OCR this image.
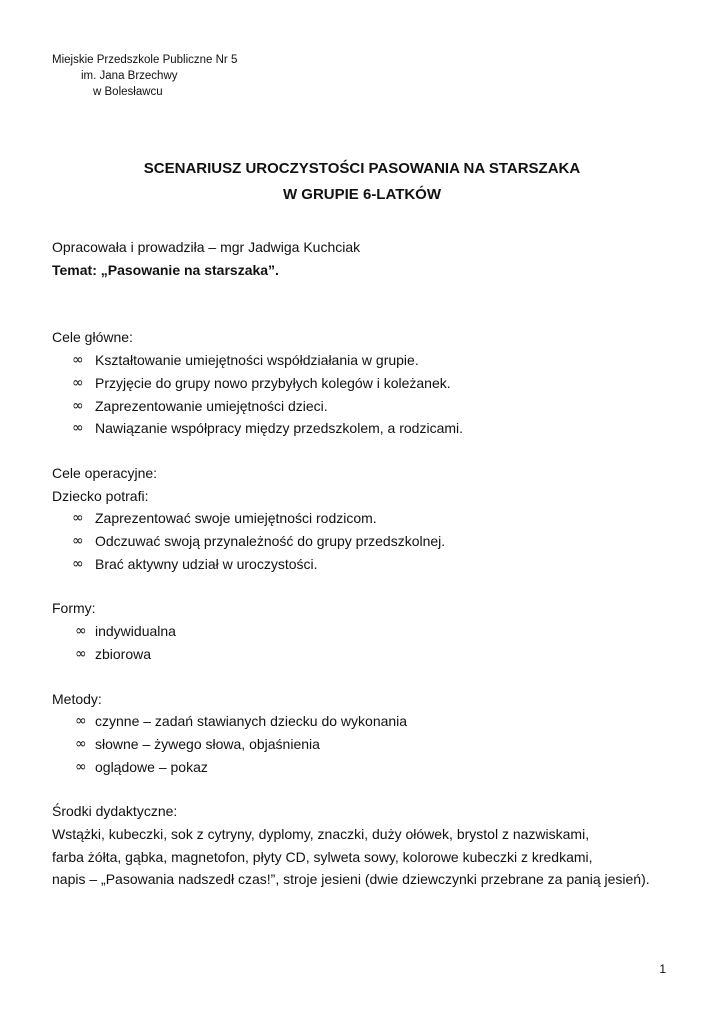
Miejskie Przedszkole Publiczne Nr 5
im. Jana Brzechwy
w Bolesławcu
SCENARIUSZ UROCZYSTOŚCI PASOWANIA NA STARSZAKA
W GRUPIE 6-LATKÓW

Opracowała i prowadziła – mgr Jadwiga Kuchciak

Temat: „Pasowanie na starszaka”.

Cele główne:

∞ Kształtowanie umiejętności współdziałania w grupie.
∞ Przyjęcie do grupy nowo przybyłych kolegów i koleżanek.
∞ Zaprezentowanie umiejętności dzieci.
∞ Nawiązanie współpracy między przedszkolem, a rodzicami.

Cele operacyjne:

Dziecko potrafi:

∞ Zaprezentować swoje umiejętności rodzicom.
∞ Odczuwać swoją przynależność do grupy przedszkolnej.
∞ Brać aktywny udział w uroczystości.

Formy:

∞ indywidualna
∞ zbiorowa

Metody:

∞ czynne – zadań stawianych dziecku do wykonania
∞ słowne – żywego słowa, objaśnienia
∞ oglądowe – pokaz

Środki dydaktyczne:

Wstążki, kubeczki, sok z cytryny, dyplomy, znaczki, duży ołówek, brystol z nazwiskami,

farba żółta, gąbka, magnetofon, płyty CD, sylweta sowy, kolorowe kubeczki z kredkami,

napis – „Pasowania nadszedł czas!”, stroje jesieni (dwie dziewczynki przebrane za panią jesień).

1
